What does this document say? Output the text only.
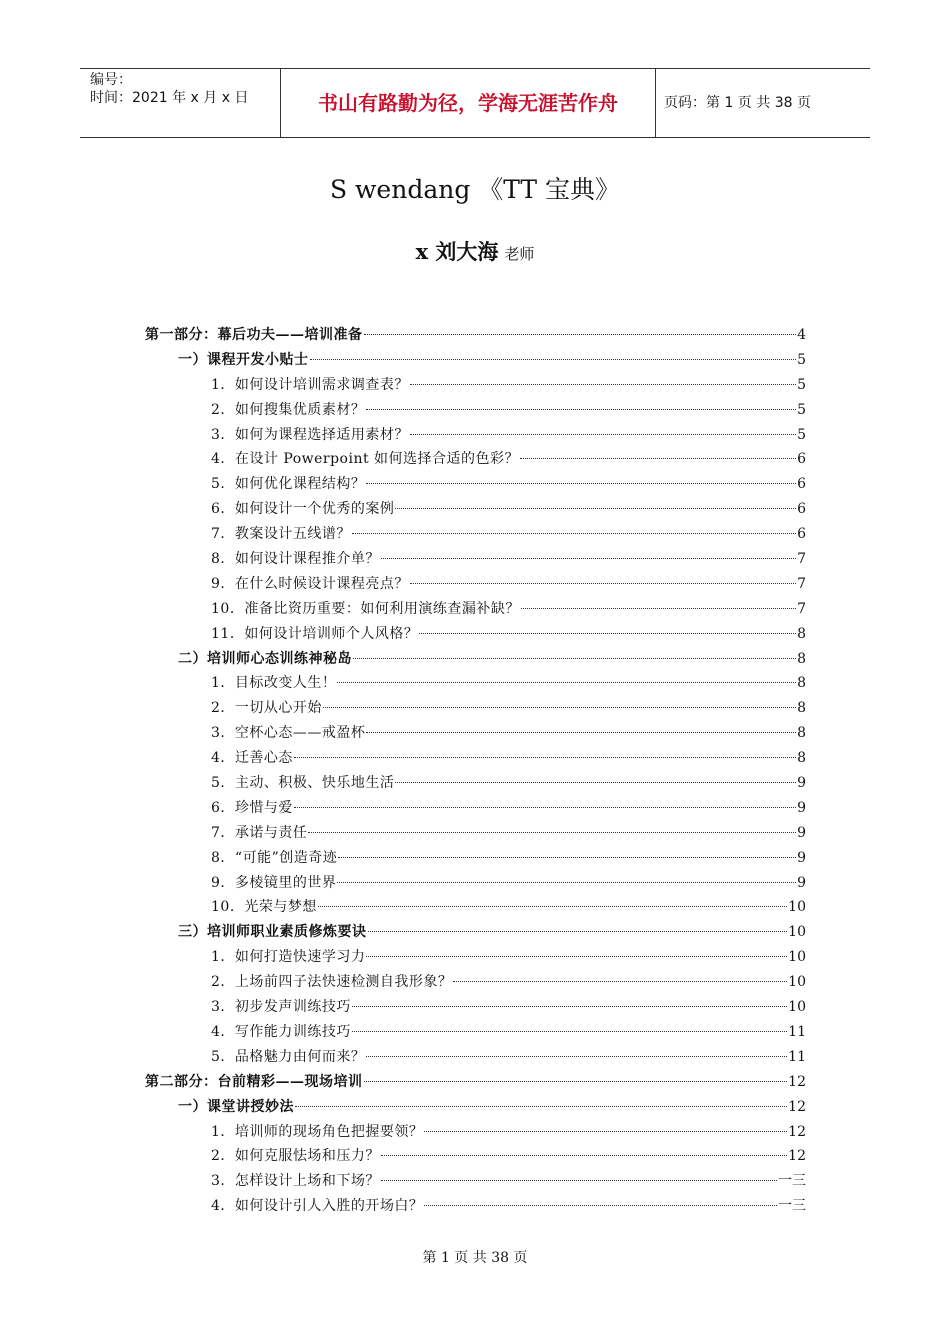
编号：
时间：2021 年 x 月 x 日	书山有路勤为径，学海无涯苦作舟	页码：第 1 页 共 38 页
S wendang 《TT 宝典》
x 刘大海 老师
第一部分：幕后功夫——培训准备	4
一）课程开发小贴士	5
1．如何设计培训需求调查表？	5
2．如何搜集优质素材？	5
3．如何为课程选择适用素材？	5
4．在设计 Powerpoint 如何选择合适的色彩？	6
5．如何优化课程结构？	6
6．如何设计一个优秀的案例	6
7．教案设计五线谱？	6
8．如何设计课程推介单？	7
9．在什么时候设计课程亮点？	7
10．准备比资历重要：如何利用演练查漏补缺？	7
11．如何设计培训师个人风格？	8
二）培训师心态训练神秘岛	8
1．目标改变人生！	8
2．一切从心开始	8
3．空杯心态——戒盈杯	8
4．迁善心态	8
5．主动、积极、快乐地生活	9
6．珍惜与爱	9
7．承诺与责任	9
8．“可能”创造奇迹	9
9．多棱镜里的世界	9
10．光荣与梦想	10
三）培训师职业素质修炼要诀	10
1．如何打造快速学习力	10
2．上场前四子法快速检测自我形象？	10
3．初步发声训练技巧	10
4．写作能力训练技巧	11
5．品格魅力由何而来？	11
第二部分：台前精彩——现场培训	12
一）课堂讲授妙法	12
1．培训师的现场角色把握要领？	12
2．如何克服怯场和压力？	12
3．怎样设计上场和下场？	一三
4．如何设计引人入胜的开场白？	一三
第 1 页 共 38 页
